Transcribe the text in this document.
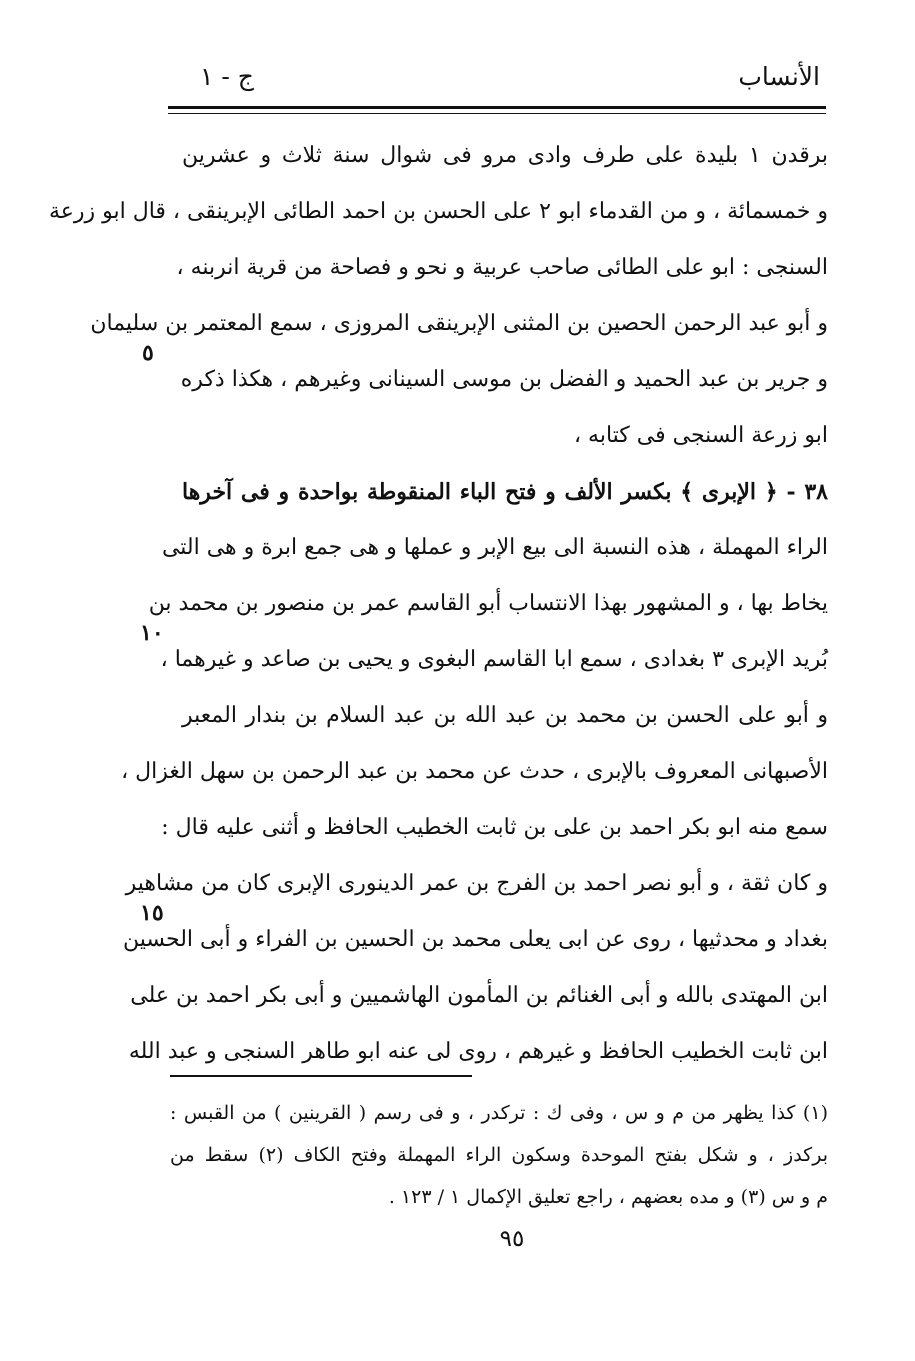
الأنساب
ج - ١
برقدن ۱ بليدة على طرف وادى مرو فى شوال سنة ثلاث و عشرين
و خمسمائة ، و من القدماء ابو ۲ على الحسن بن احمد الطائى الإبرينقى ، قال ابو زرعة
السنجى : ابو على الطائى صاحب عربية و نحو و فصاحة من قرية انربنه ،
و أبو عبد الرحمن الحصين بن المثنى الإبرينقى المروزى ، سمع المعتمر بن سليمان
و جرير بن عبد الحميد و الفضل بن موسى السينانى وغيرهم ، هكذا ذكره
ابو زرعة السنجى فى كتابه ،
٣٨ - ﴿ الإبرى ﴾ بكسر الألف و فتح الباء المنقوطة بواحدة و فى آخرها
الراء المهملة ، هذه النسبة الى بيع الإبر و عملها و هى جمع ابرة و هى التى
يخاط بها ، و المشهور بهذا الانتساب أبو القاسم عمر بن منصور بن محمد بن
بُريد الإبرى ۳ بغدادى ، سمع ابا القاسم البغوى و يحيى بن صاعد و غيرهما ،
و أبو على الحسن بن محمد بن عبد الله بن عبد السلام بن بندار المعبر
الأصبهانى المعروف بالإبرى ، حدث عن محمد بن عبد الرحمن بن سهل الغزال ،
سمع منه ابو بكر احمد بن على بن ثابت الخطيب الحافظ و أثنى عليه قال :
و كان ثقة ، و أبو نصر احمد بن الفرج بن عمر الدينورى الإبرى كان من مشاهير
بغداد و محدثيها ، روى عن ابى يعلى محمد بن الحسين بن الفراء و أبى الحسين
ابن المهتدى بالله و أبى الغنائم بن المأمون الهاشميين و أبى بكر احمد بن على
ابن ثابت الخطيب الحافظ و غيرهم ، روى لى عنه ابو طاهر السنجى و عبد الله
٥
١٠
١٥
(۱) كذا يظهر من م و س ، وفى ك : تركدر ، و فى رسم ( القرينين ) من القبس :
بركدز ، و شكل بفتح الموحدة وسكون الراء المهملة وفتح الكاف (۲) سقط من
م و س (۳) و مده بعضهم ، راجع تعليق الإكمال ۱ / ۱۲۳ .
٩٥
